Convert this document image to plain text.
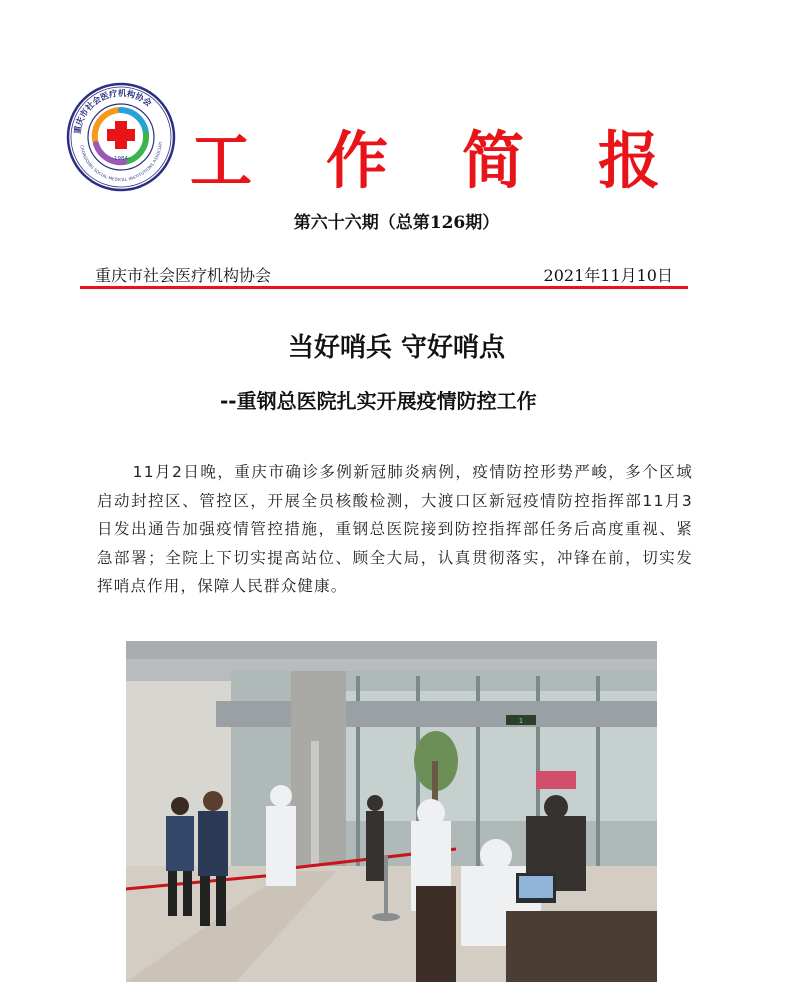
重庆市社会医疗机构协会
CHONGQING SOCIAL MEDICAL INSTITUTIONS ASSOCIATI
-1984- 工 作 简 报
第六十六期（总第126期）
重庆市社会医疗机构协会	2021年11月10日
当好哨兵 守好哨点
--重钢总医院扎实开展疫情防控工作

11月2日晚，重庆市确诊多例新冠肺炎病例，疫情防控形势严峻，多个区域启动封控区、管控区，开展全员核酸检测，大渡口区新冠疫情防控指挥部11月3日发出通告加强疫情管控措施，重钢总医院接到防控指挥部任务后高度重视、紧急部署；全院上下切实提高站位、顾全大局，认真贯彻落实，冲锋在前，切实发挥哨点作用，保障人民群众健康。

1
